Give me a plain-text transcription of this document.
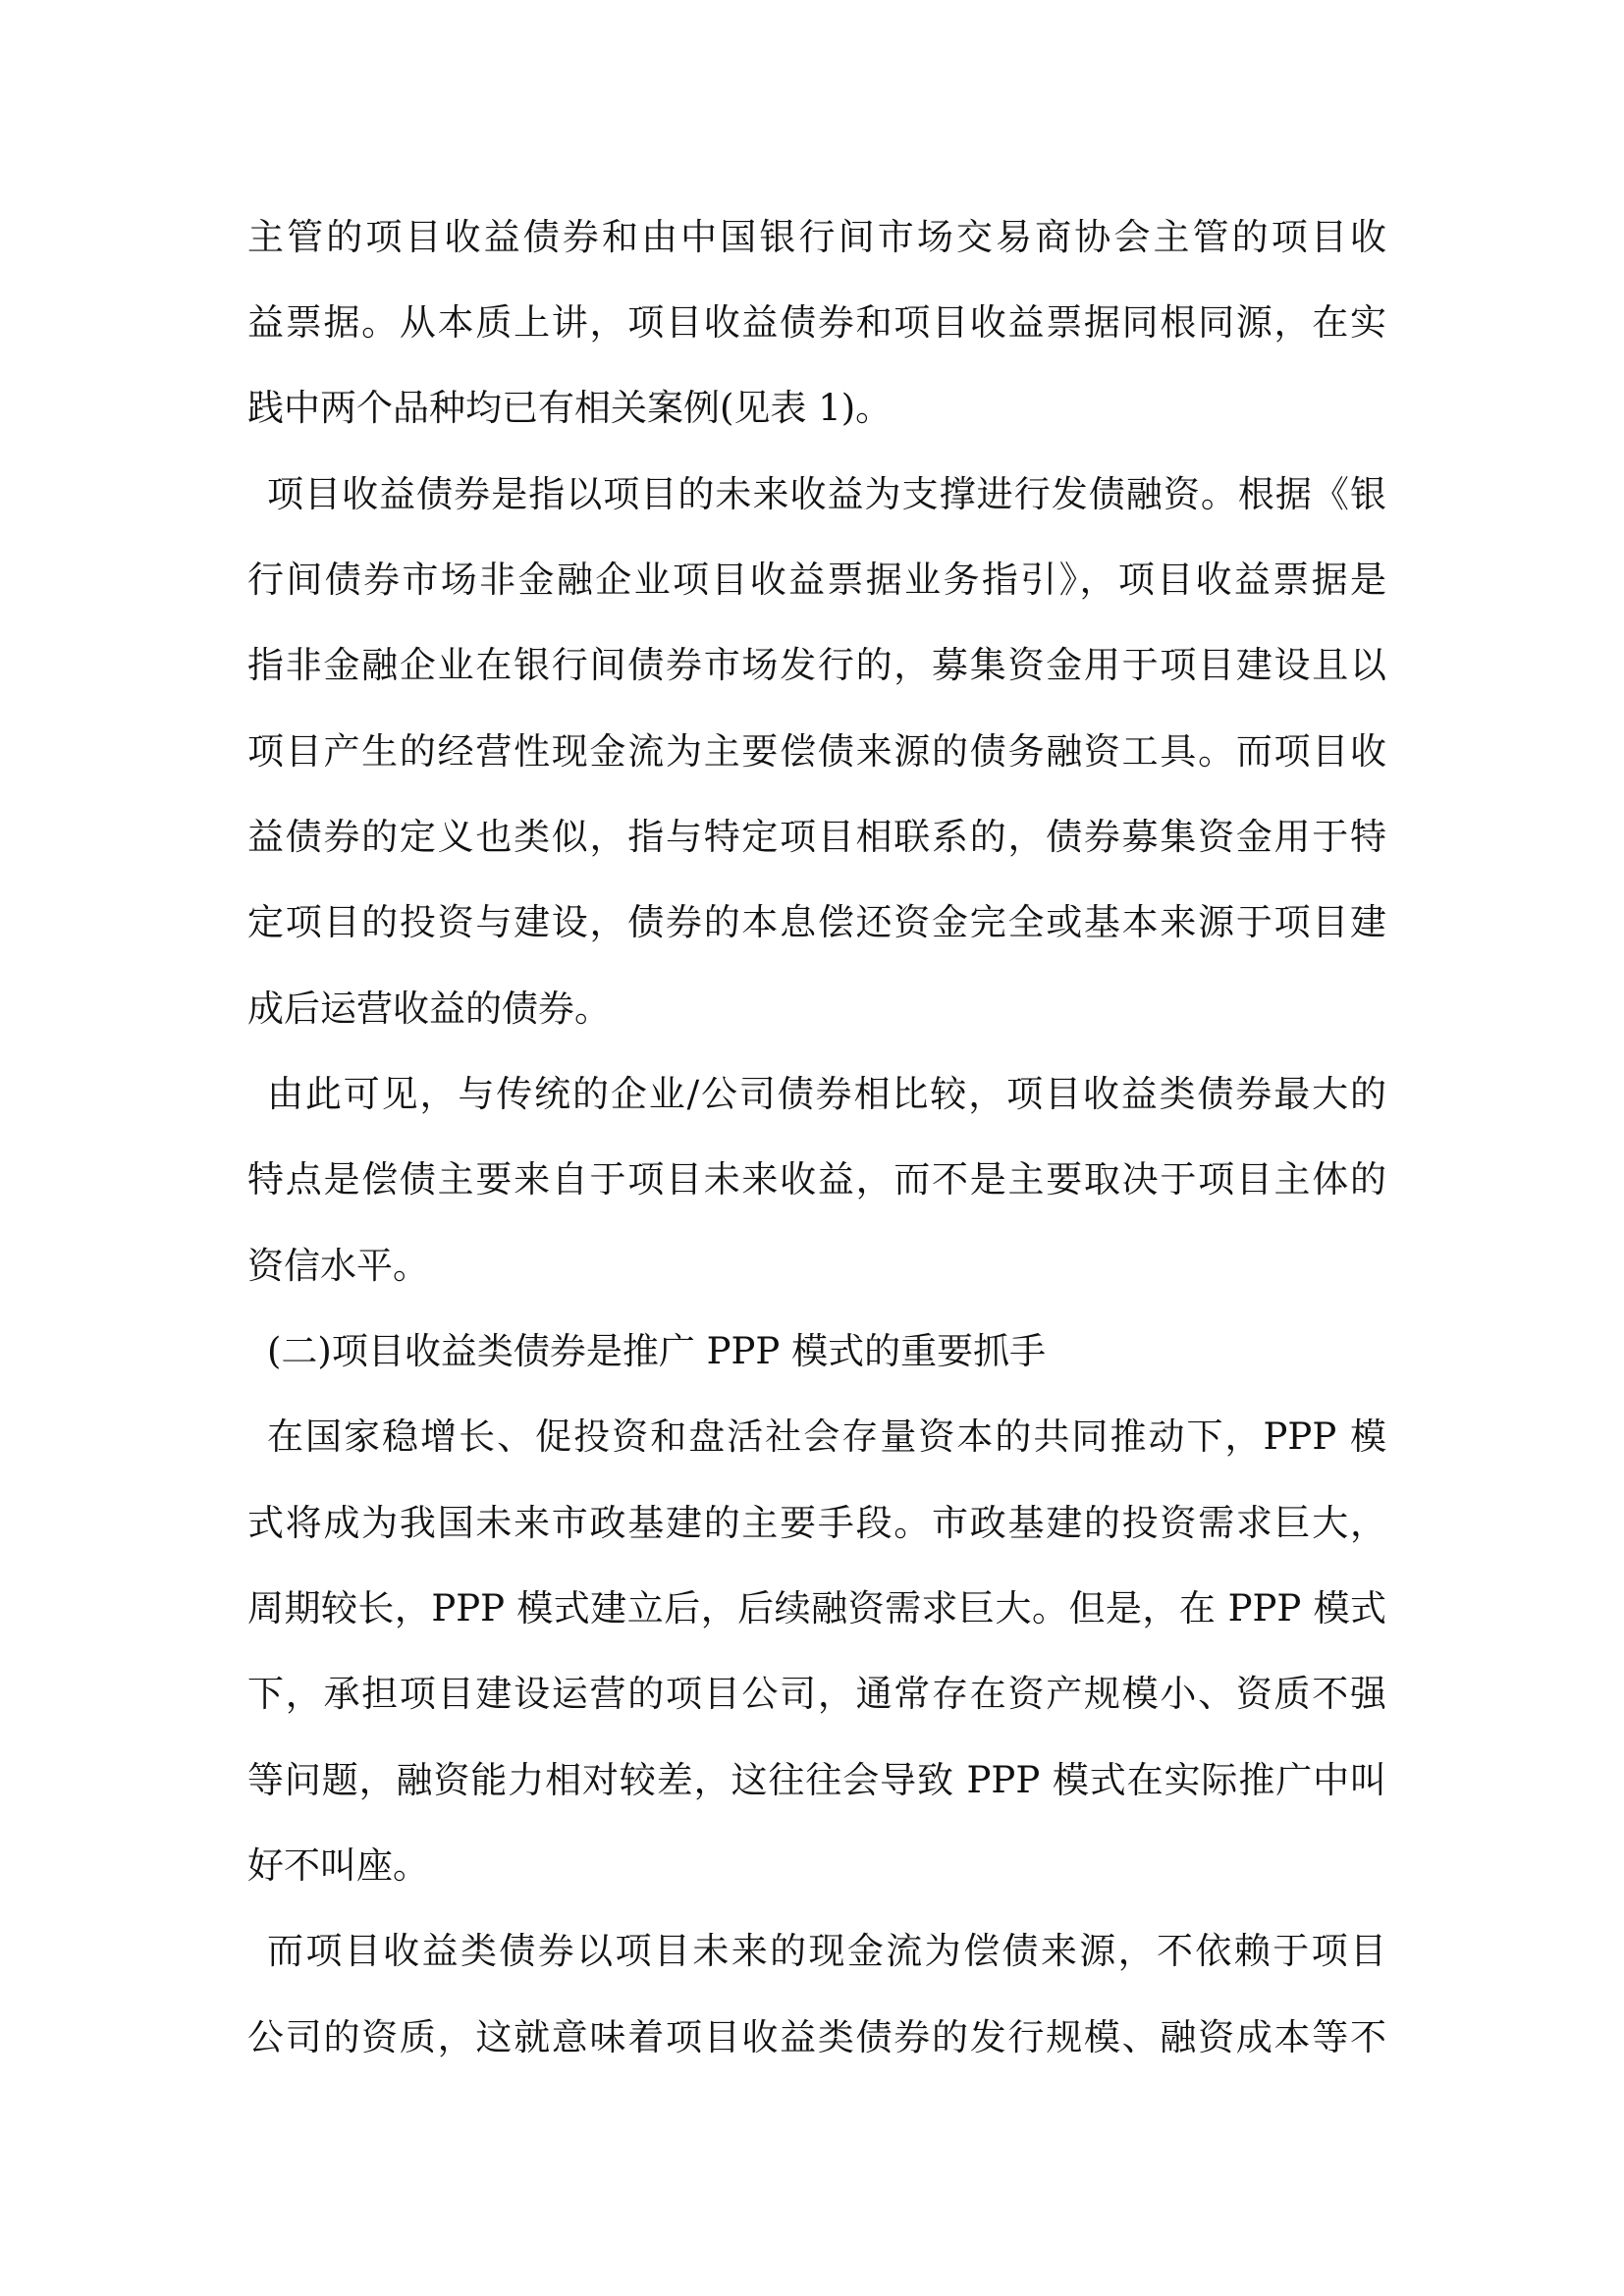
主管的项目收益债券和由中国银行间市场交易商协会主管的项目收
益票据。从本质上讲，项目收益债券和项目收益票据同根同源，在实
践中两个品种均已有相关案例(见表 1)。
项目收益债券是指以项目的未来收益为支撑进行发债融资。根据《银
行间债券市场非金融企业项目收益票据业务指引》，项目收益票据是
指非金融企业在银行间债券市场发行的，募集资金用于项目建设且以
项目产生的经营性现金流为主要偿债来源的债务融资工具。而项目收
益债券的定义也类似，指与特定项目相联系的，债券募集资金用于特
定项目的投资与建设，债券的本息偿还资金完全或基本来源于项目建
成后运营收益的债券。
由此可见，与传统的企业/公司债券相比较，项目收益类债券最大的
特点是偿债主要来自于项目未来收益，而不是主要取决于项目主体的
资信水平。
(二)项目收益类债券是推广 PPP 模式的重要抓手
在国家稳增长、促投资和盘活社会存量资本的共同推动下，PPP 模
式将成为我国未来市政基建的主要手段。市政基建的投资需求巨大，
周期较长，PPP 模式建立后，后续融资需求巨大。但是，在 PPP 模式
下，承担项目建设运营的项目公司，通常存在资产规模小、资质不强
等问题，融资能力相对较差，这往往会导致 PPP 模式在实际推广中叫
好不叫座。
而项目收益类债券以项目未来的现金流为偿债来源，不依赖于项目
公司的资质，这就意味着项目收益类债券的发行规模、融资成本等不
